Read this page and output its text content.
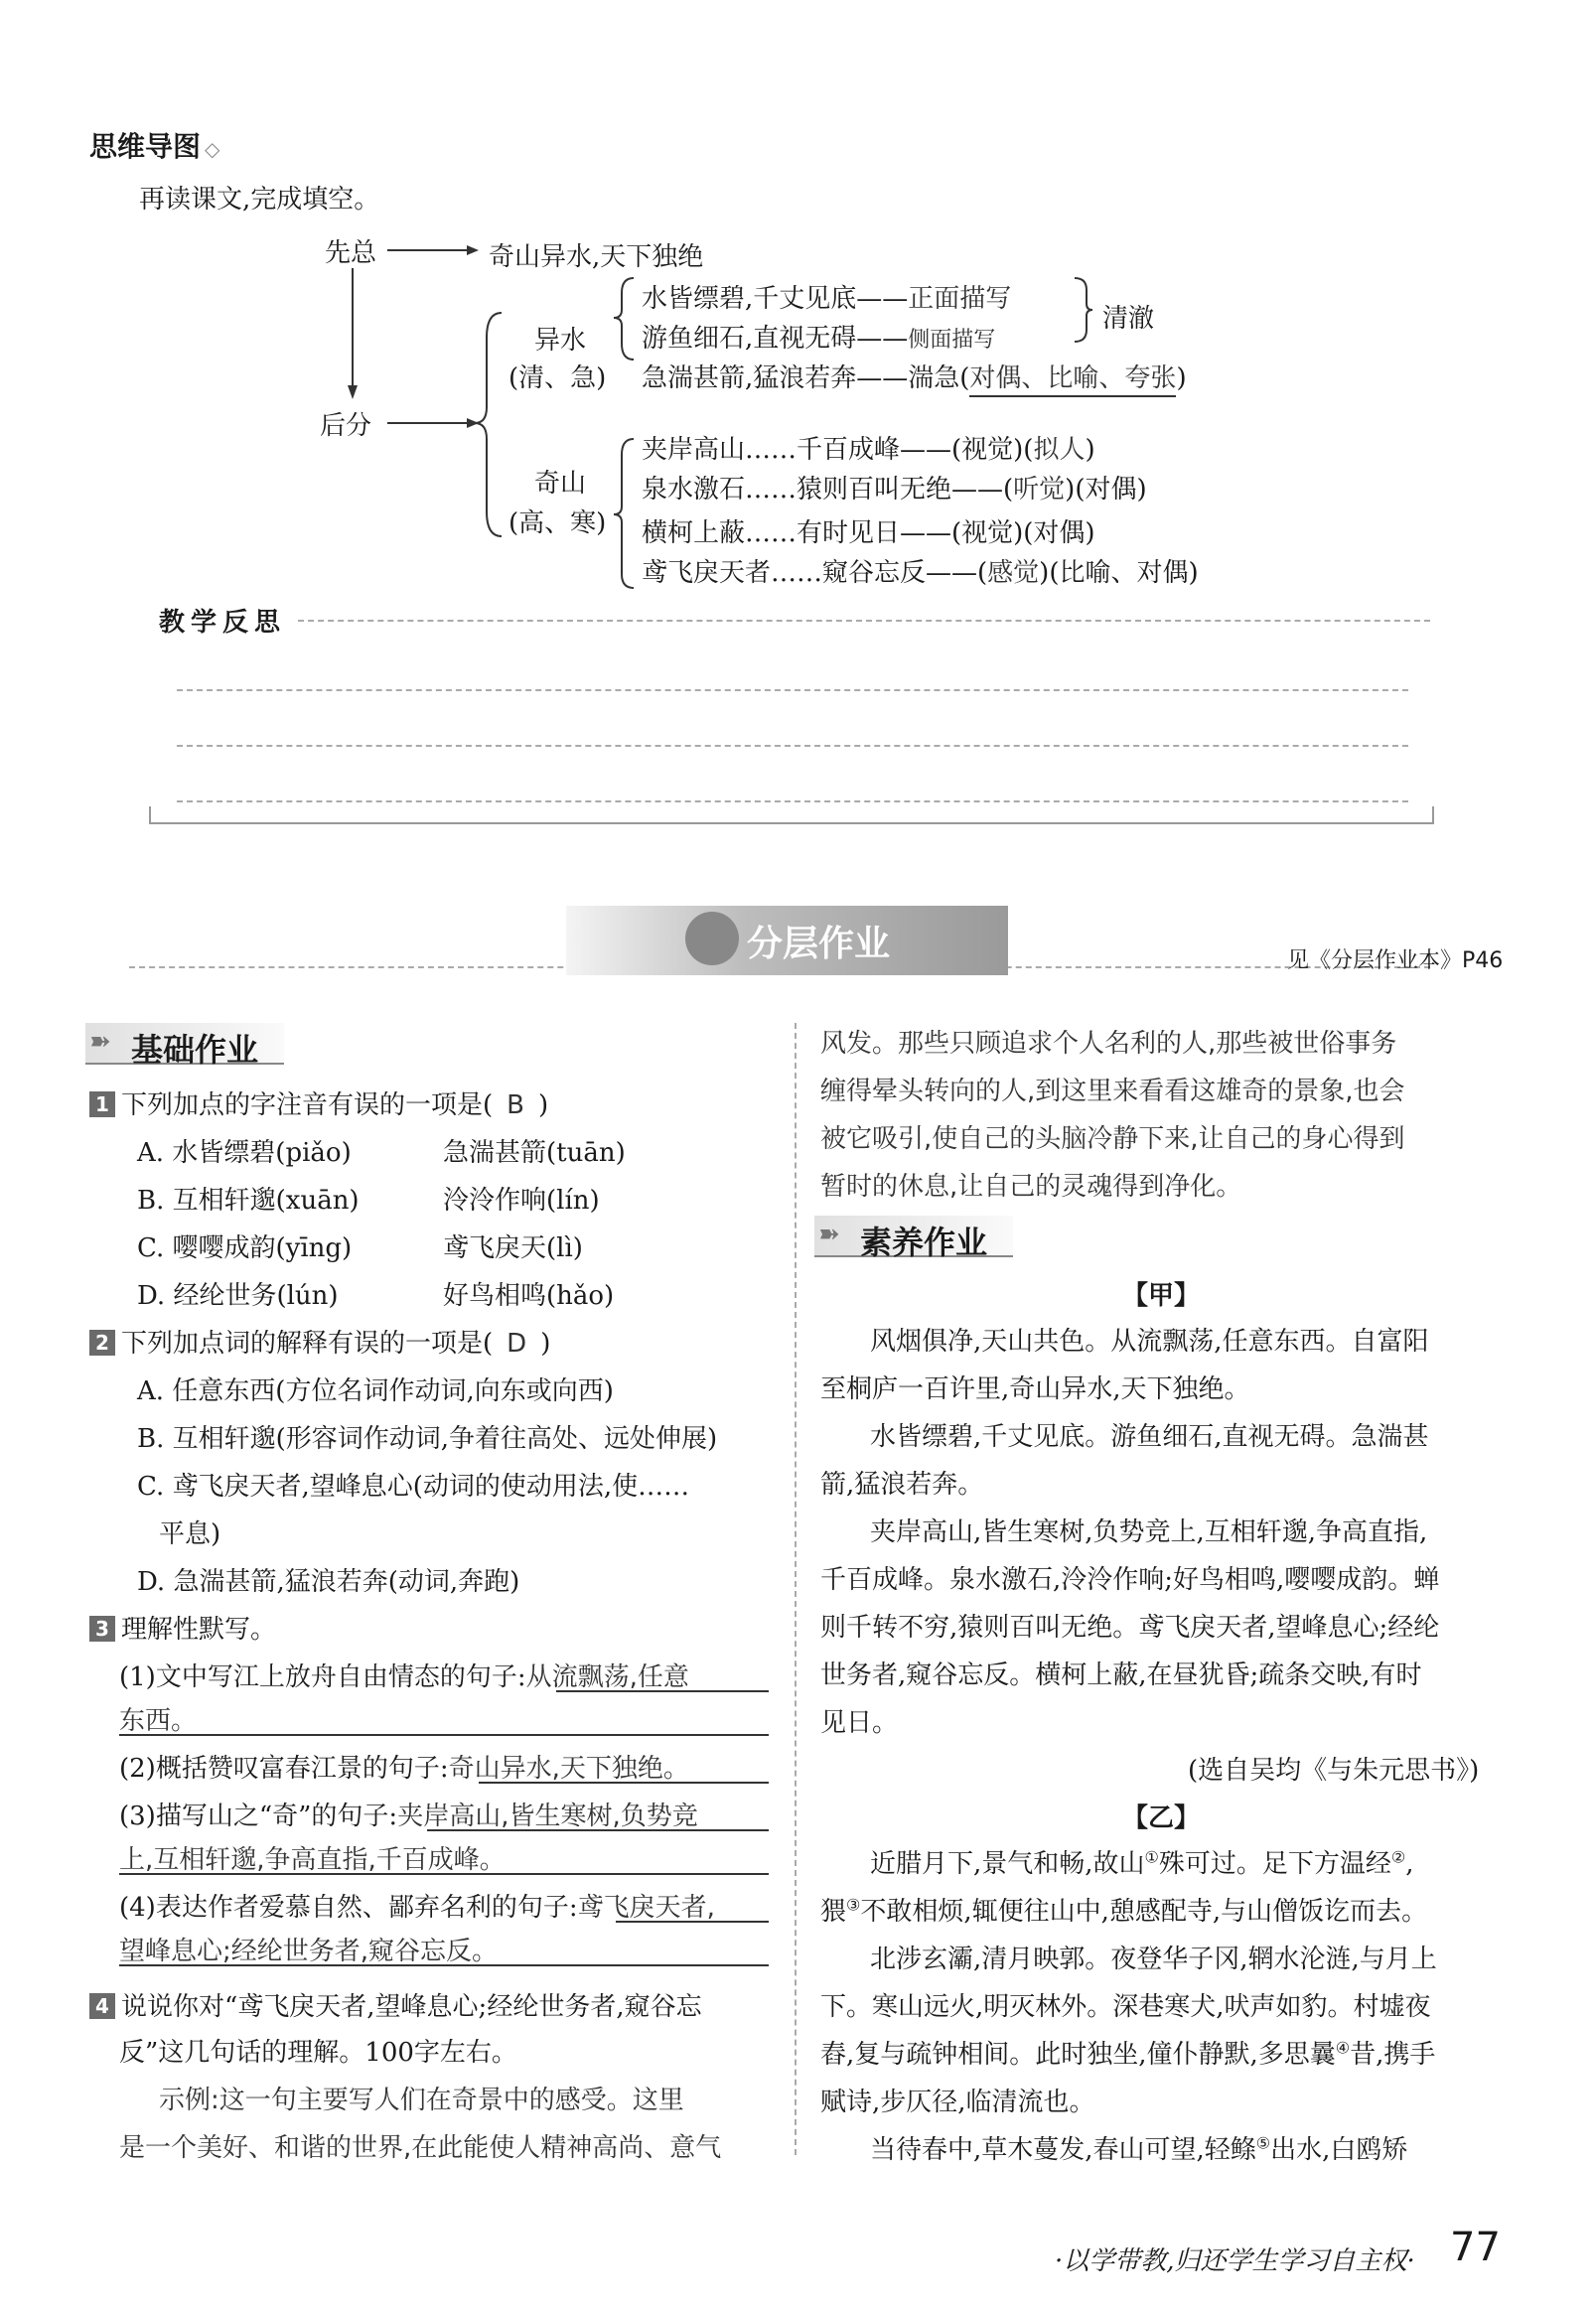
思维导图 ◇
再读课文,完成填空。
先总	奇山异水,天下独绝
后分
异水
(清、急)
奇山
(高、寒)
水皆缥碧,千丈见底——正面描写
游鱼细石,直视无碍——侧面描写
急湍甚箭,猛浪若奔——湍急(对偶、比喻、夸张)
清澈
夹岸高山……千百成峰——(视觉)(拟人)
泉水激石……猿则百叫无绝——(听觉)(对偶)
横柯上蔽……有时见日——(视觉)(对偶)
鸢飞戾天者……窥谷忘反——(感觉)(比喻、对偶)
教学反思
分层作业	见《分层作业本》P46
➽ 基础作业
1 下列加点的字注音有误的一项是( B )
A. 水皆缥碧(piǎo)	急湍甚箭(tuān)
B. 互相轩邈(xuān)	泠泠作响(lín)
C. 嘤嘤成韵(yīng)	鸢飞戾天(lì)
D. 经纶世务(lún)	好鸟相鸣(hǎo)
2 下列加点词的解释有误的一项是( D )
A. 任意东西(方位名词作动词,向东或向西)
B. 互相轩邈(形容词作动词,争着往高处、远处伸展)
C. 鸢飞戾天者,望峰息心(动词的使动用法,使……
平息)
D. 急湍甚箭,猛浪若奔(动词,奔跑)
3 理解性默写。
(1)文中写江上放舟自由情态的句子:从流飘荡,任意
东西。
(2)概括赞叹富春江景的句子:奇山异水,天下独绝。
(3)描写山之“奇”的句子:夹岸高山,皆生寒树,负势竞
上,互相轩邈,争高直指,千百成峰。
(4)表达作者爱慕自然、鄙弃名利的句子:鸢飞戾天者,
望峰息心;经纶世务者,窥谷忘反。
4 说说你对“鸢飞戾天者,望峰息心;经纶世务者,窥谷忘
反”这几句话的理解。100字左右。
示例:这一句主要写人们在奇景中的感受。这里
是一个美好、和谐的世界,在此能使人精神高尚、意气
风发。那些只顾追求个人名利的人,那些被世俗事务
缠得晕头转向的人,到这里来看看这雄奇的景象,也会
被它吸引,使自己的头脑冷静下来,让自己的身心得到
暂时的休息,让自己的灵魂得到净化。
➽ 素养作业
【甲】
风烟俱净,天山共色。从流飘荡,任意东西。自富阳
至桐庐一百许里,奇山异水,天下独绝。
水皆缥碧,千丈见底。游鱼细石,直视无碍。急湍甚
箭,猛浪若奔。
夹岸高山,皆生寒树,负势竞上,互相轩邈,争高直指,
千百成峰。泉水激石,泠泠作响;好鸟相鸣,嘤嘤成韵。蝉
则千转不穷,猿则百叫无绝。鸢飞戾天者,望峰息心;经纶
世务者,窥谷忘反。横柯上蔽,在昼犹昏;疏条交映,有时
见日。
(选自吴均《与朱元思书》)
【乙】
近腊月下,景气和畅,故山①殊可过。足下方温经②,
猥③不敢相烦,辄便往山中,憩感配寺,与山僧饭讫而去。
北涉玄灞,清月映郭。夜登华子冈,辋水沦涟,与月上
下。寒山远火,明灭林外。深巷寒犬,吠声如豹。村墟夜
舂,复与疏钟相间。此时独坐,僮仆静默,多思曩④昔,携手
赋诗,步仄径,临清流也。
当待春中,草木蔓发,春山可望,轻鲦⑤出水,白鸥矫
·以学带教,归还学生学习自主权· 77
